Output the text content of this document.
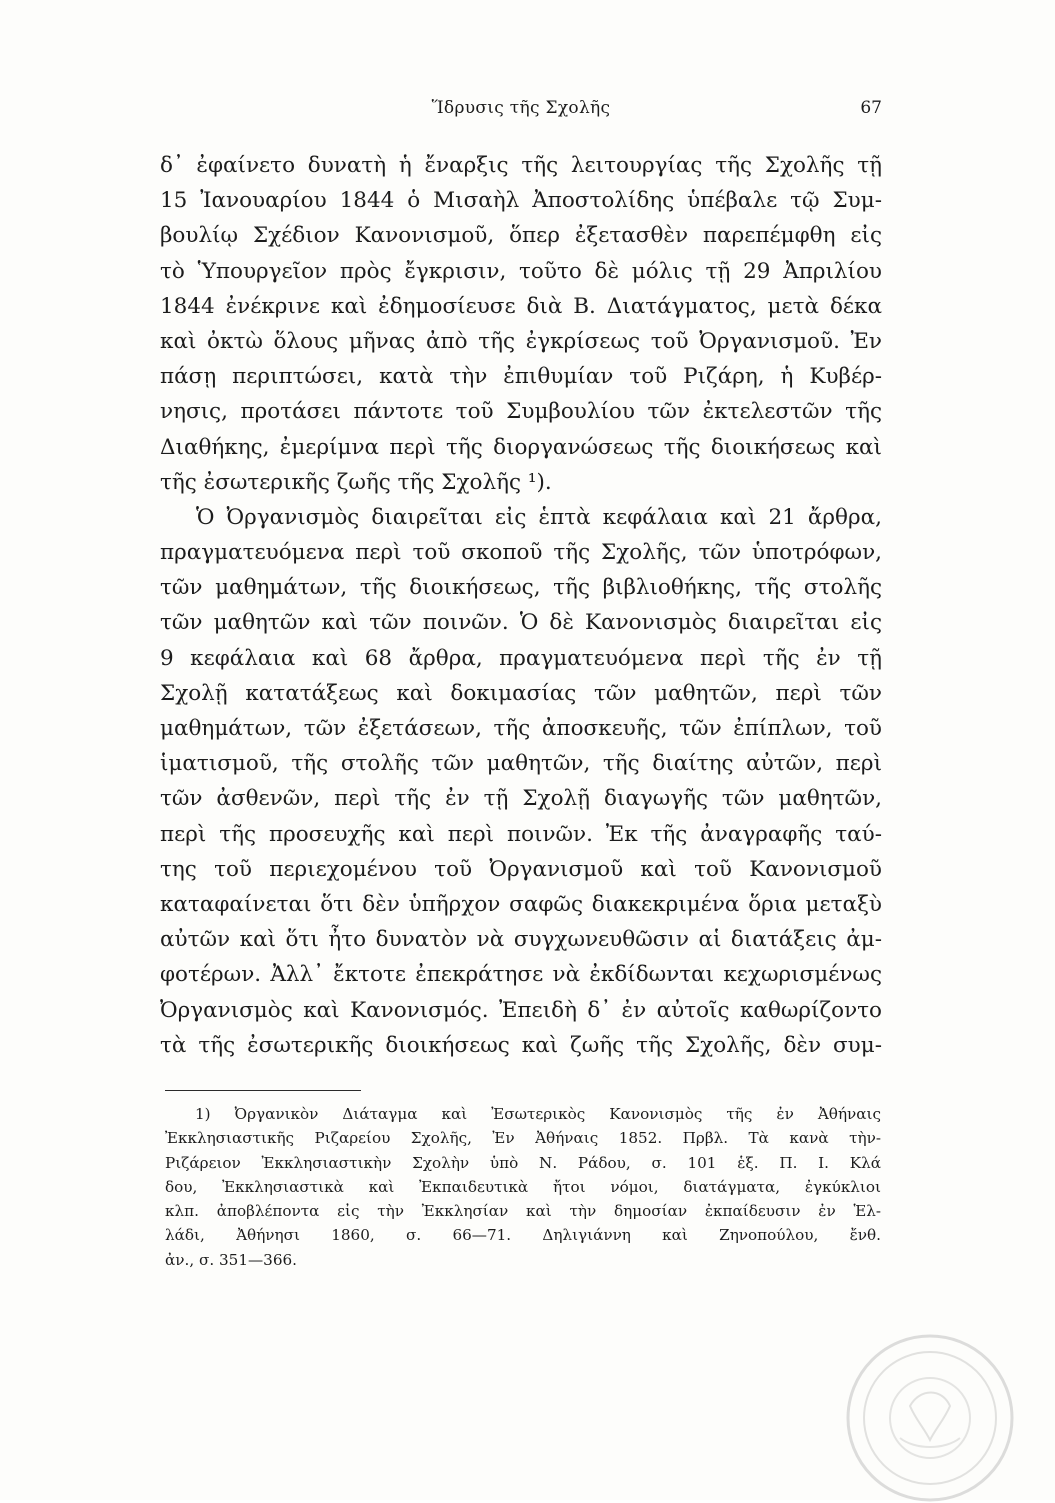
Ἵδρυσις τῆς Σχολῆς	67
δ᾽ ἐφαίνετο δυνατὴ ἡ ἔναρξις τῆς λειτουργίας τῆς Σχολῆς τῇ
15 Ἰανουαρίου 1844 ὁ Μισαὴλ Ἀποστολίδης ὑπέβαλε τῷ Συμ-
βουλίῳ Σχέδιον Κανονισμοῦ, ὅπερ ἐξετασθὲν παρεπέμφθη εἰς
τὸ Ὑπουργεῖον πρὸς ἔγκρισιν, τοῦτο δὲ μόλις τῇ 29 Ἀπριλίου
1844 ἐνέκρινε καὶ ἐδημοσίευσε διὰ Β. Διατάγματος, μετὰ δέκα
καὶ ὀκτὼ ὅλους μῆνας ἀπὸ τῆς ἐγκρίσεως τοῦ Ὀργανισμοῦ. Ἐν
πάσῃ περιπτώσει, κατὰ τὴν ἐπιθυμίαν τοῦ Ριζάρη, ἡ Κυβέρ-
νησις, προτάσει πάντοτε τοῦ Συμβουλίου τῶν ἐκτελεστῶν τῆς
Διαθήκης, ἐμερίμνα περὶ τῆς διοργανώσεως τῆς διοικήσεως καὶ
τῆς ἐσωτερικῆς ζωῆς τῆς Σχολῆς ¹).
Ὁ Ὀργανισμὸς διαιρεῖται εἰς ἑπτὰ κεφάλαια καὶ 21 ἄρθρα,
πραγματευόμενα περὶ τοῦ σκοποῦ τῆς Σχολῆς, τῶν ὑποτρόφων,
τῶν μαθημάτων, τῆς διοικήσεως, τῆς βιβλιοθήκης, τῆς στολῆς
τῶν μαθητῶν καὶ τῶν ποινῶν. Ὁ δὲ Κανονισμὸς διαιρεῖται εἰς
9 κεφάλαια καὶ 68 ἄρθρα, πραγματευόμενα περὶ τῆς ἐν τῇ
Σχολῇ κατατάξεως καὶ δοκιμασίας τῶν μαθητῶν, περὶ τῶν
μαθημάτων, τῶν ἐξετάσεων, τῆς ἀποσκευῆς, τῶν ἐπίπλων, τοῦ
ἱματισμοῦ, τῆς στολῆς τῶν μαθητῶν, τῆς διαίτης αὐτῶν, περὶ
τῶν ἀσθενῶν, περὶ τῆς ἐν τῇ Σχολῇ διαγωγῆς τῶν μαθητῶν,
περὶ τῆς προσευχῆς καὶ περὶ ποινῶν. Ἐκ τῆς ἀναγραφῆς ταύ-
της τοῦ περιεχομένου τοῦ Ὀργανισμοῦ καὶ τοῦ Κανονισμοῦ
καταφαίνεται ὅτι δὲν ὑπῆρχον σαφῶς διακεκριμένα ὅρια μεταξὺ
αὐτῶν καὶ ὅτι ἦτο δυνατὸν νὰ συγχωνευθῶσιν αἱ διατάξεις ἀμ-
φοτέρων. Ἀλλ᾽ ἔκτοτε ἐπεκράτησε νὰ ἐκδίδωνται κεχωρισμένως
Ὀργανισμὸς καὶ Κανονισμός. Ἐπειδὴ δ᾽ ἐν αὐτοῖς καθωρίζοντο
τὰ τῆς ἐσωτερικῆς διοικήσεως καὶ ζωῆς τῆς Σχολῆς, δὲν συμ-
1) Ὀργανικὸν Διάταγμα καὶ Ἐσωτερικὸς Κανονισμὸς τῆς ἐν Ἀθήναις
Ἐκκλησιαστικῆς Ριζαρείου Σχολῆς, Ἐν Ἀθήναις 1852. Πρβλ. Τὰ κανὰ τὴν-
Ριζάρειον Ἐκκλησιαστικὴν Σχολὴν ὑπὸ Ν. Ράδου, σ. 101 ἑξ. Π. Ι. Κλά
δου, Ἐκκλησιαστικὰ καὶ Ἐκπαιδευτικὰ ἤτοι νόμοι, διατάγματα, ἐγκύκλιοι
κλπ. ἀποβλέποντα εἰς τὴν Ἐκκλησίαν καὶ τὴν δημοσίαν ἐκπαίδευσιν ἐν Ἑλ-
λάδι, Ἀθήνησι 1860, σ. 66—71. Δηλιγιάννη καὶ Ζηνοπούλου, ἔνθ.
ἀν., σ. 351—366.
